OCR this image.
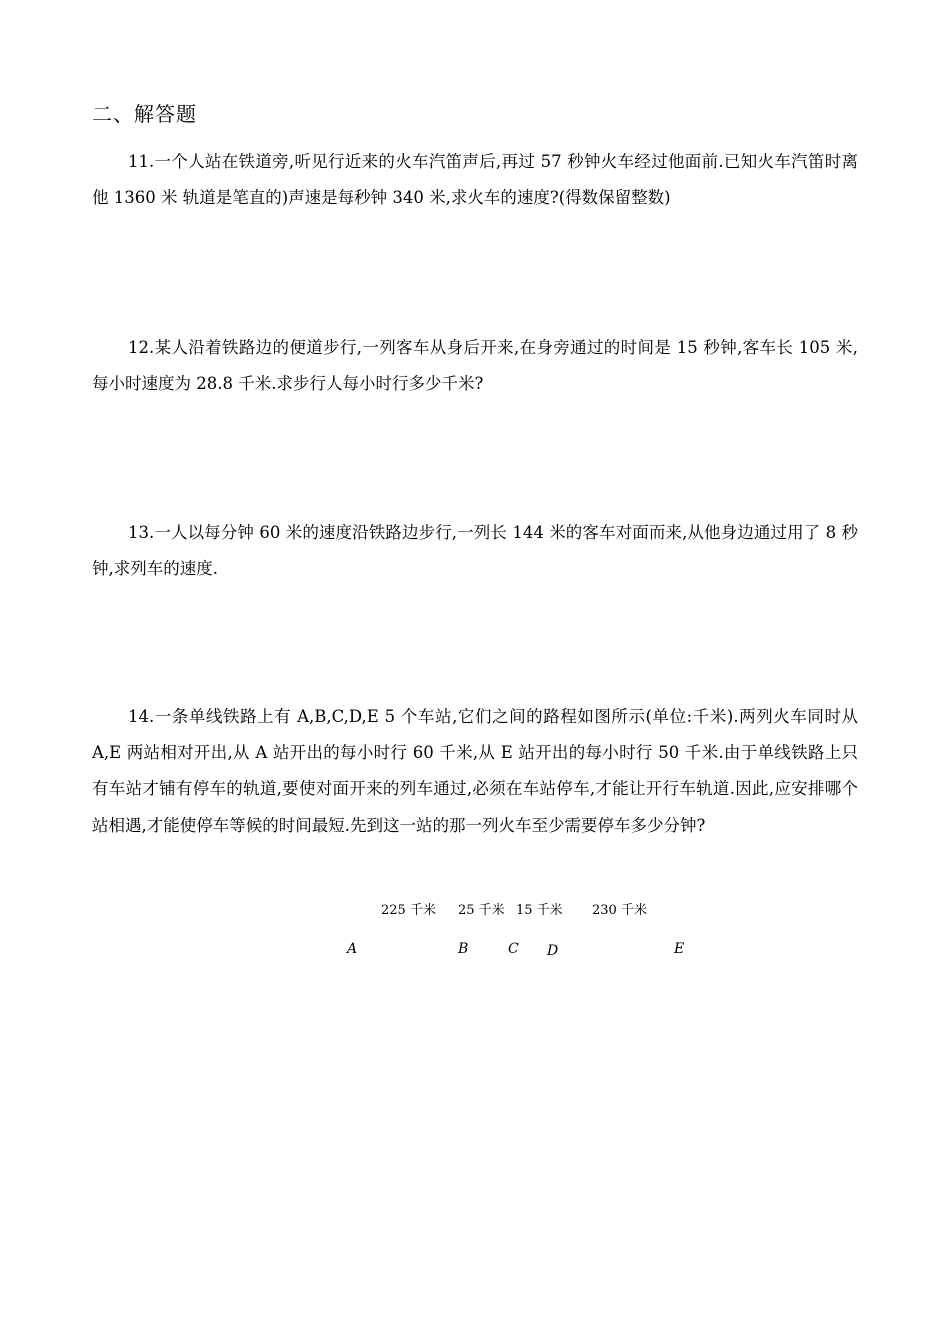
二、解答题

11.一个人站在铁道旁,听见行近来的火车汽笛声后,再过 57 秒钟火车经过他面前.已知火车汽笛时离他 1360 米 轨道是笔直的)声速是每秒钟 340 米,求火车的速度?(得数保留整数)

12.某人沿着铁路边的便道步行,一列客车从身后开来,在身旁通过的时间是 15 秒钟,客车长 105 米,每小时速度为 28.8 千米.求步行人每小时行多少千米?

13.一人以每分钟 60 米的速度沿铁路边步行,一列长 144 米的客车对面而来,从他身边通过用了 8 秒钟,求列车的速度.

14.一条单线铁路上有 A,B,C,D,E 5 个车站,它们之间的路程如图所示(单位:千米).两列火车同时从 A,E 两站相对开出,从 A 站开出的每小时行 60 千米,从 E 站开出的每小时行 50 千米.由于单线铁路上只有车站才铺有停车的轨道,要使对面开来的列车通过,必须在车站停车,才能让开行车轨道.因此,应安排哪个站相遇,才能使停车等候的时间最短.先到这一站的那一列火车至少需要停车多少分钟?

225 千米 25 千米 15 千米 230 千米
A	B	C D	E
